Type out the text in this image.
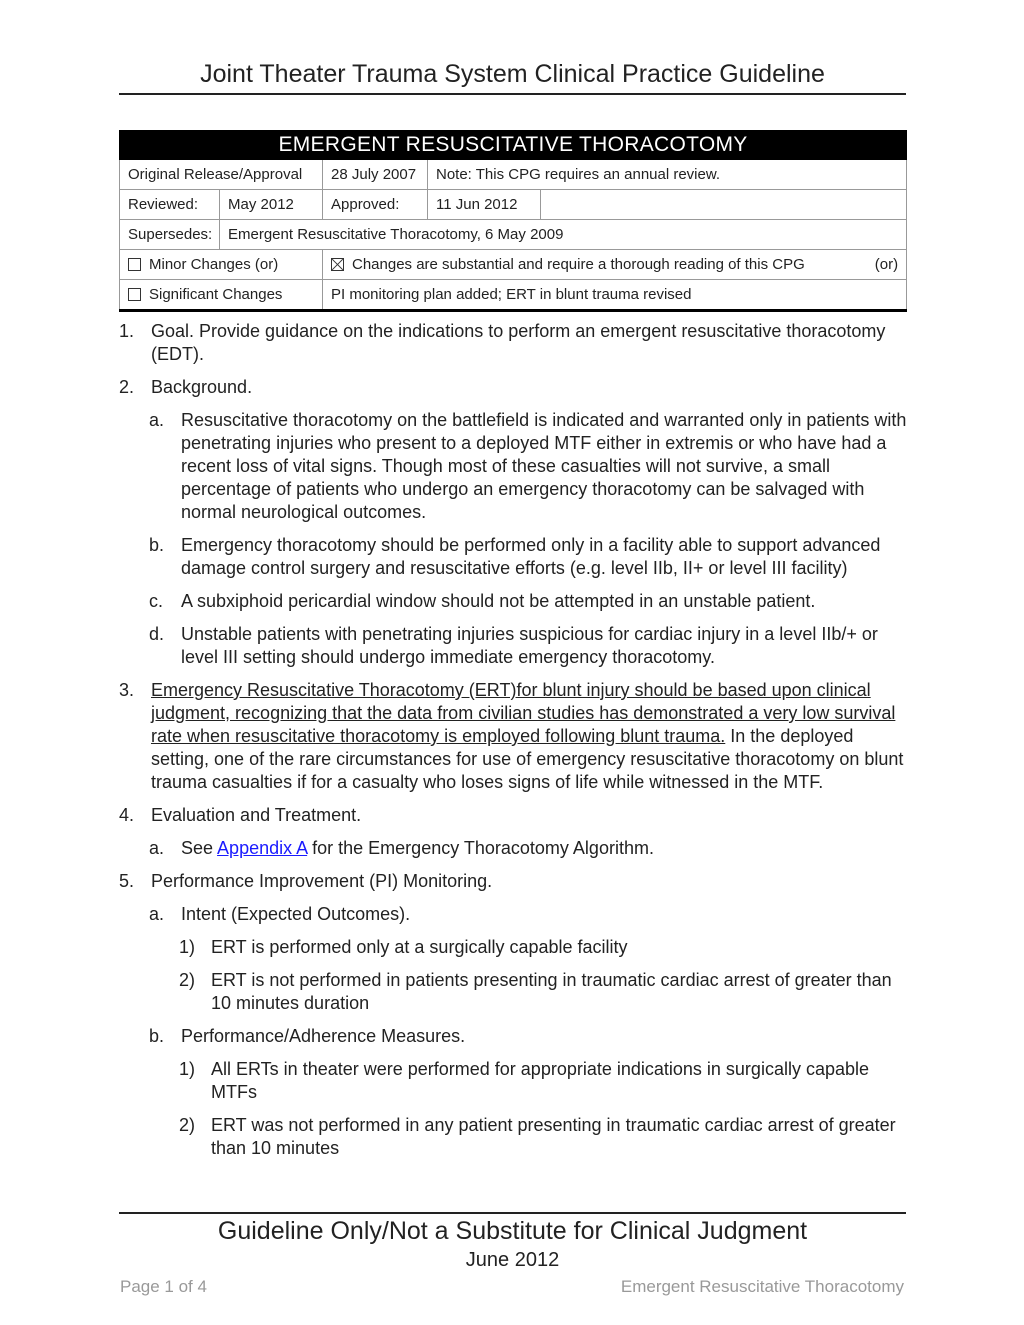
Joint Theater Trauma System Clinical Practice Guideline
EMERGENT RESUSCITATIVE THORACOTOMY				
Original Release/Approval		28 July 2007	Note: This CPG requires an annual review.	
Reviewed:	May 2012	Approved:	11 Jun 2012	
Supersedes:	Emergent Resuscitative Thoracotomy, 6 May 2009			
Minor Changes (or)		Changes are substantial and require a thorough reading of this CPG (or)		

Significant Changes		PI monitoring plan added; ERT in blunt trauma revised		
1. Goal. Provide guidance on the indications to perform an emergent resuscitative thoracotomy (EDT).
2. Background.
a. Resuscitative thoracotomy on the battlefield is indicated and warranted only in patients with penetrating injuries who present to a deployed MTF either in extremis or who have had a recent loss of vital signs. Though most of these casualties will not survive, a small percentage of patients who undergo an emergency thoracotomy can be salvaged with normal neurological outcomes.
b. Emergency thoracotomy should be performed only in a facility able to support advanced damage control surgery and resuscitative efforts (e.g. level IIb, II+ or level III facility)
c. A subxiphoid pericardial window should not be attempted in an unstable patient.
d. Unstable patients with penetrating injuries suspicious for cardiac injury in a level IIb/+ or level III setting should undergo immediate emergency thoracotomy.
3. Emergency Resuscitative Thoracotomy (ERT)for blunt injury should be based upon clinical judgment, recognizing that the data from civilian studies has demonstrated a very low survival rate when resuscitative thoracotomy is employed following blunt trauma. In the deployed setting, one of the rare circumstances for use of emergency resuscitative thoracotomy on blunt trauma casualties if for a casualty who loses signs of life while witnessed in the MTF.
4. Evaluation and Treatment.
a. See Appendix A for the Emergency Thoracotomy Algorithm.
5. Performance Improvement (PI) Monitoring.
a. Intent (Expected Outcomes).
1) ERT is performed only at a surgically capable facility
2) ERT is not performed in patients presenting in traumatic cardiac arrest of greater than 10 minutes duration
b. Performance/Adherence Measures.
1) All ERTs in theater were performed for appropriate indications in surgically capable MTFs
2) ERT was not performed in any patient presenting in traumatic cardiac arrest of greater than 10 minutes
Guideline Only/Not a Substitute for Clinical Judgment
June 2012
Page 1 of 4	Emergent Resuscitative Thoracotomy
